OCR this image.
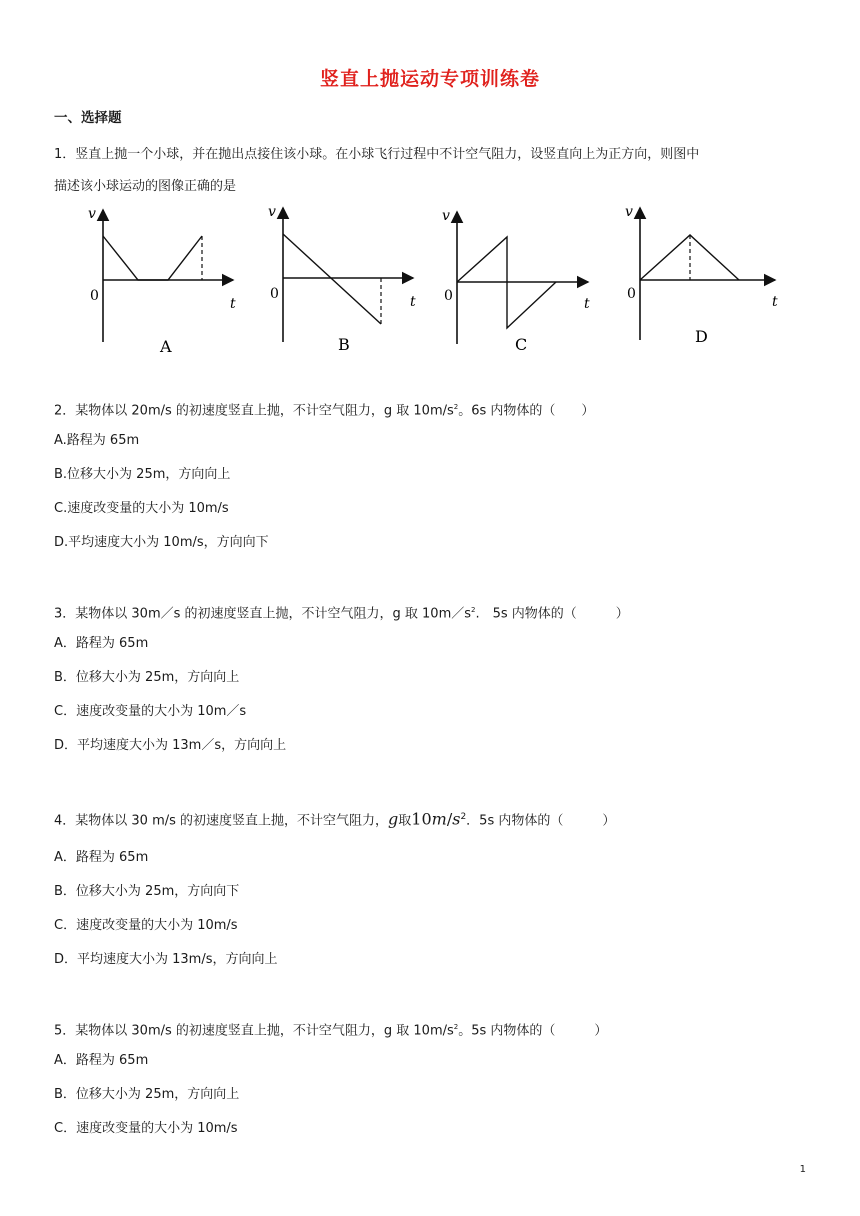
竖直上抛运动专项训练卷
一、选择题
1．竖直上抛一个小球，并在抛出点接住该小球。在小球飞行过程中不计空气阻力，设竖直向上为正方向，则图中
描述该小球运动的图像正确的是
v
0	t
A
v
0	t
B
v
0	t
C
v
0	t
D
2．某物体以 20m/s 的初速度竖直上抛，不计空气阻力，g 取 $10m/s^2$。6s 内物体的（　　）
A.路程为 65m
B.位移大小为 25m，方向向上
C.速度改变量的大小为 10m/s
D.平均速度大小为 10m/s，方向向下
3．某物体以 30m／s 的初速度竖直上抛，不计空气阻力，g 取 $10m/s^2$.　5s 内物体的（　　　）
A．路程为 65m
B．位移大小为 25m，方向向上
C．速度改变量的大小为 10m／s
D．平均速度大小为 13m／s，方向向上
4．某物体以 30 m/s 的初速度竖直上抛，不计空气阻力，g取$10m/s^2$．5s 内物体的（　　　）
A．路程为 65m
B．位移大小为 25m，方向向下
C．速度改变量的大小为 10m/s
D．平均速度大小为 13m/s，方向向上
5．某物体以 30m/s 的初速度竖直上抛，不计空气阻力，g 取 $10m/s^2$。5s 内物体的（　　　）
A．路程为 65m
B．位移大小为 25m，方向向上
C．速度改变量的大小为 10m/s
1
